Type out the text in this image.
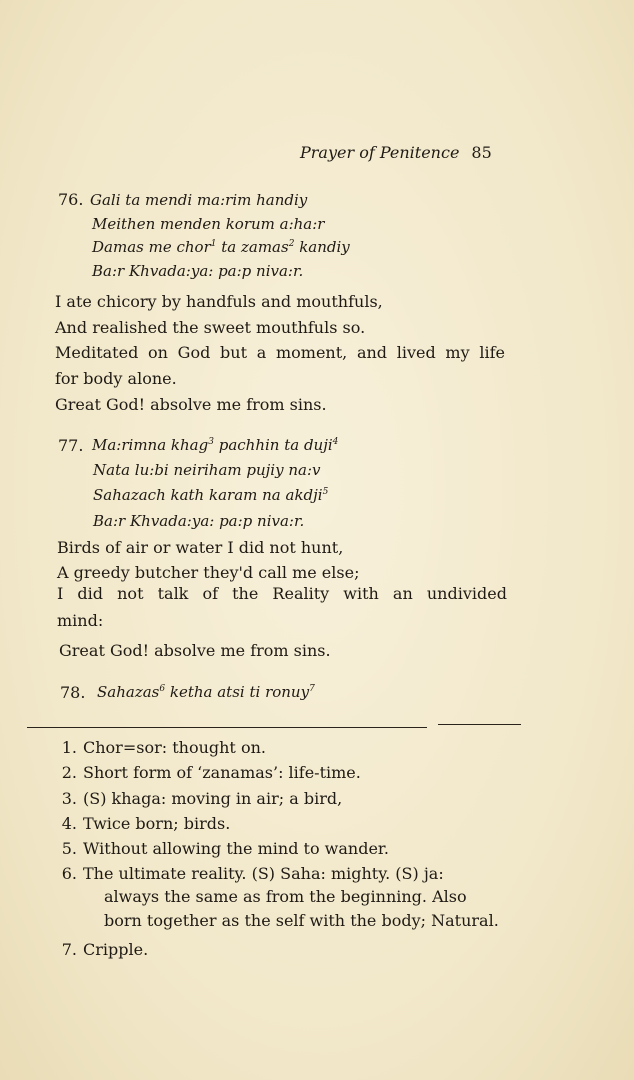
Prayer of Penitence 85
76. Gali ta mendi ma:rim handiy
Meithen menden korum a:ha:r
Damas me chor$^1$ ta zamas$^2$ kandiy
Ba:r Khvada:ya: pa:p niva:r.
I ate chicory by handfuls and mouthfuls,
And realished the sweet mouthfuls so.
Meditated on God but a moment, and lived my life
for body alone.
Great God! absolve me from sins.
77. Ma:rimna khag$^3$ pachhin ta duji$^4$
Nata lu:bi neiriham pujiy na:v
Sahazach kath karam na akdji$^5$
Ba:r Khvada:ya: pa:p niva:r.
Birds of air or water I did not hunt,
A greedy butcher they'd call me else;
I did not talk of the Reality with an undivided
mind:
Great God! absolve me from sins.
78. Sahazas$^6$ ketha atsi ti ronuy$^7$
1. Chor=sor: thought on.
2. Short form of ‘zanamas’: life-time.
3. (S) khaga: moving in air; a bird,
4. Twice born; birds.
5. Without allowing the mind to wander.
6. The ultimate reality. (S) Saha: mighty. (S) ja:
always the same as from the beginning. Also
born together as the self with the body; Natural.
7. Cripple.
